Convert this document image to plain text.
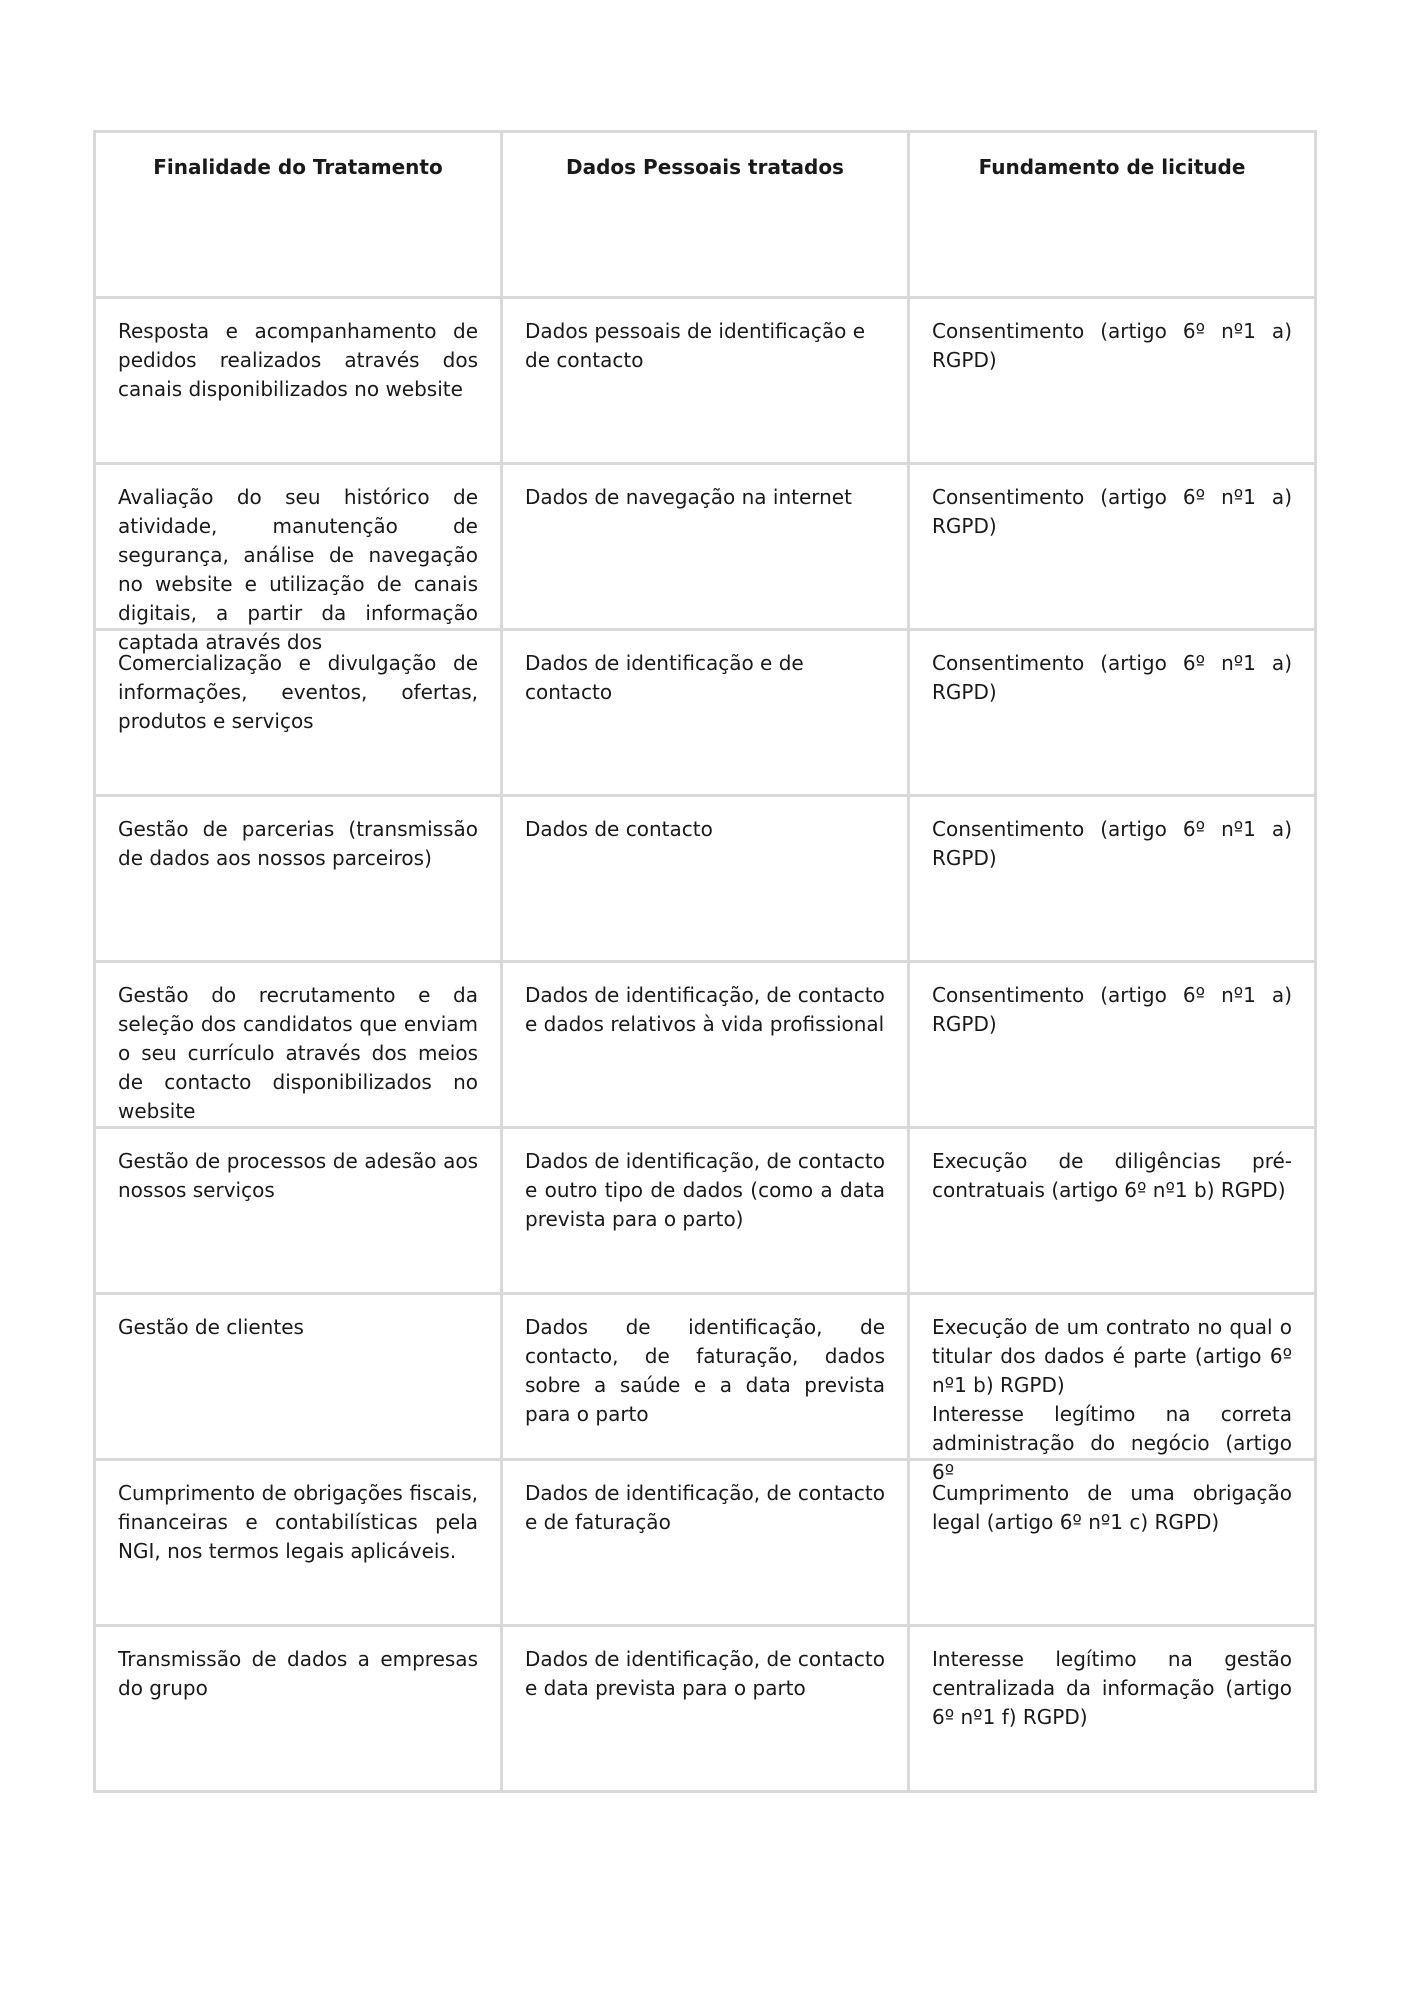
Finalidade do Tratamento	Dados Pessoais tratados	Fundamento de licitude

Resposta e acompanhamento de pedidos realizados através dos canais disponibilizados no website	Dados pessoais de identificação e de contacto	Consentimento (artigo 6º nº1 a) RGPD)

Avaliação do seu histórico de atividade, manutenção de segurança, análise de navegação no website e utilização de canais digitais, a partir da informação captada através dos	Dados de navegação na internet	Consentimento (artigo 6º nº1 a) RGPD)

Comercialização e divulgação de informações, eventos, ofertas, produtos e serviços	Dados de identificação e de contacto	Consentimento (artigo 6º nº1 a) RGPD)

Gestão de parcerias (transmissão de dados aos nossos parceiros)	Dados de contacto	Consentimento (artigo 6º nº1 a) RGPD)

Gestão do recrutamento e da seleção dos candidatos que enviam o seu currículo através dos meios de contacto disponibilizados no website	Dados de identificação, de contacto e dados relativos à vida profissional	Consentimento (artigo 6º nº1 a) RGPD)

Gestão de processos de adesão aos nossos serviços	Dados de identificação, de contacto e outro tipo de dados (como a data prevista para o parto)	Execução de diligências pré-contratuais (artigo 6º nº1 b) RGPD)

Gestão de clientes	Dados de identificação, de contacto, de faturação, dados sobre a saúde e a data prevista para o parto	Execução de um contrato no qual o titular dos dados é parte (artigo 6º nº1 b) RGPD)
Interesse legítimo na correta administração do negócio (artigo 6º

Cumprimento de obrigações fiscais, financeiras e contabilísticas pela NGI, nos termos legais aplicáveis.	Dados de identificação, de contacto e de faturação	Cumprimento de uma obrigação legal (artigo 6º nº1 c) RGPD)

Transmissão de dados a empresas do grupo	Dados de identificação, de contacto e data prevista para o parto	Interesse legítimo na gestão centralizada da informação (artigo 6º nº1 f) RGPD)
